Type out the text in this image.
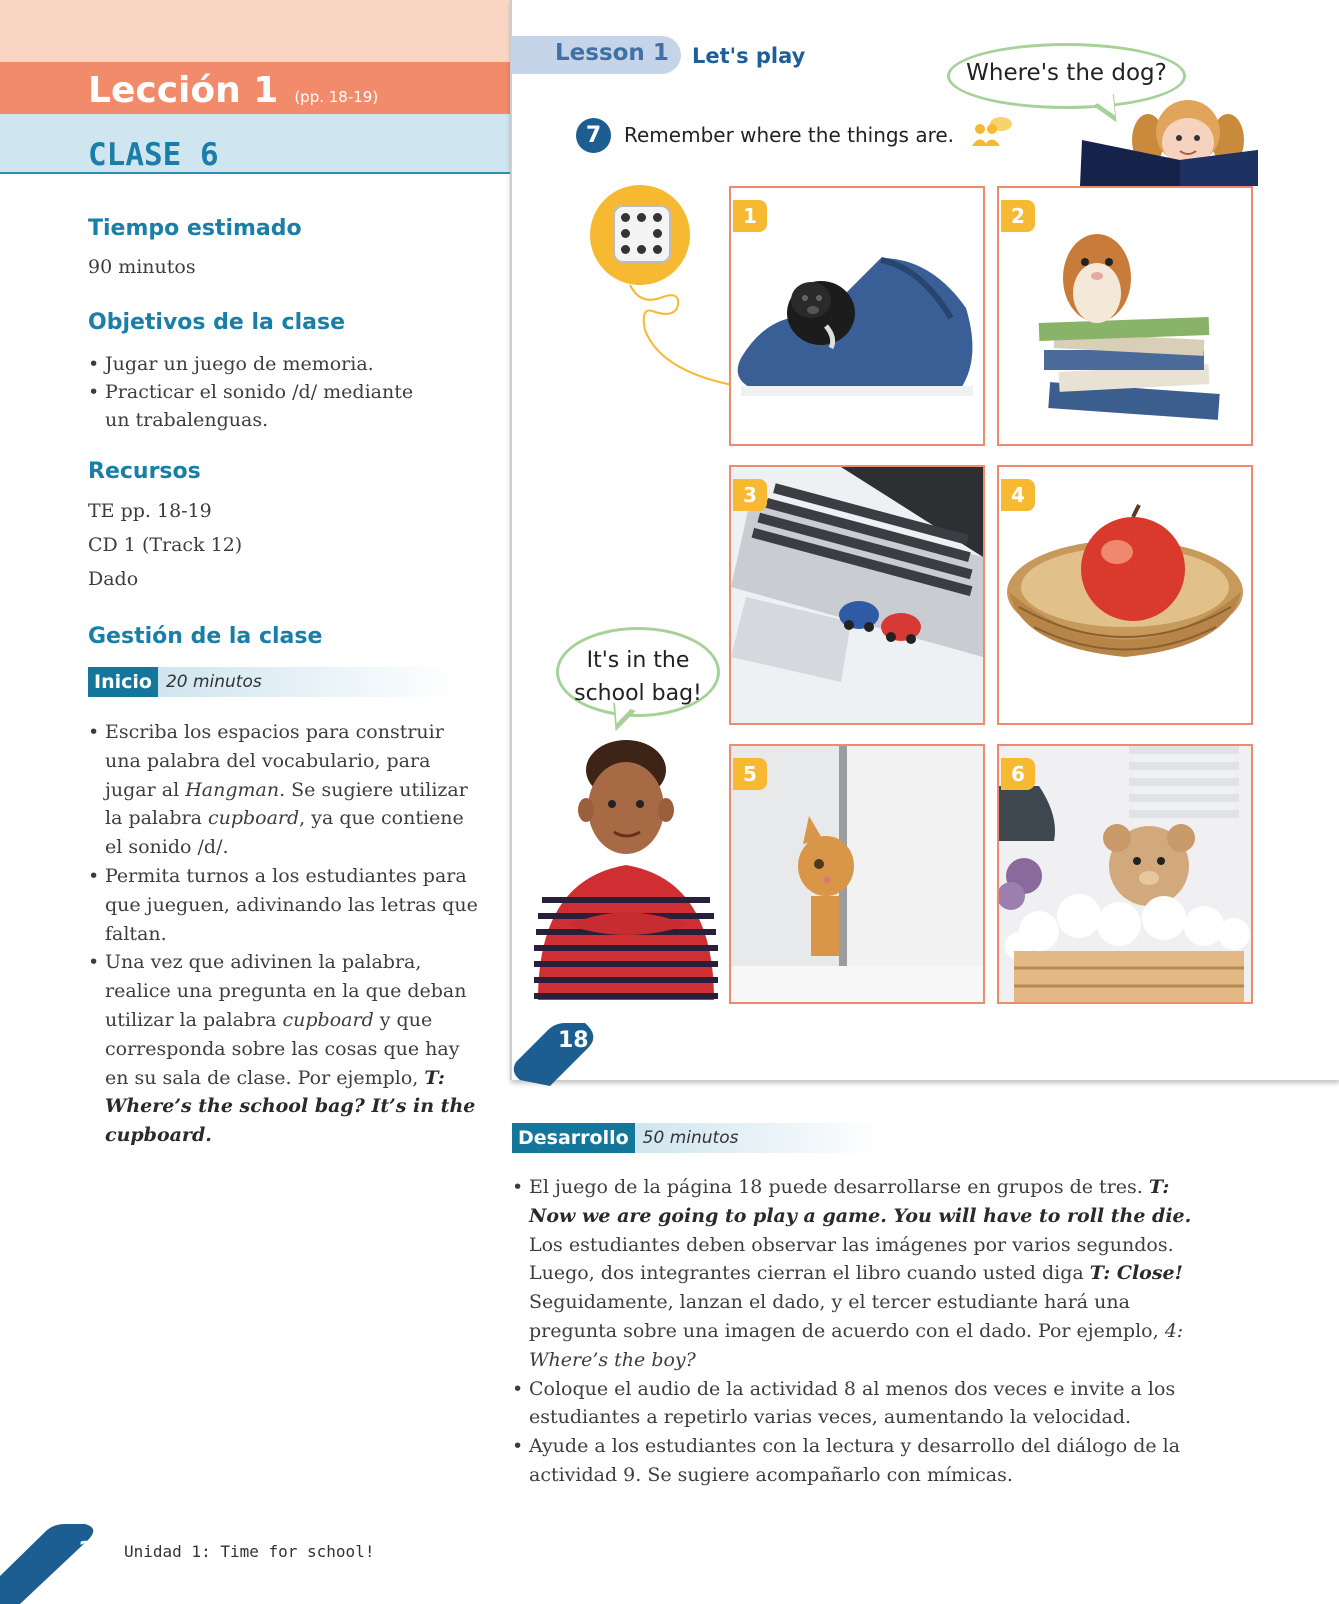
Lección 1 (pp. 18-19)
CLASE 6
Tiempo estimado
90 minutos
Objetivos de la clase
• Jugar un juego de memoria.
• Practicar el sonido /d/ mediante un trabalenguas.
Recursos
TE pp. 18-19
CD 1 (Track 12)
Dado
Gestión de la clase
Inicio 20 minutos
• Escriba los espacios para construir una palabra del vocabulario, para jugar al Hangman. Se sugiere utilizar la palabra cupboard, ya que contiene el sonido /d/.
• Permita turnos a los estudiantes para que jueguen, adivinando las letras que faltan.
• Una vez que adivinen la palabra, realice una pregunta en la que deban utilizar la palabra cupboard y que corresponda sobre las cosas que hay en su sala de clase. Por ejemplo, T: Where’s the school bag? It’s in the cupboard.
Lesson 1 Let's play
7	Remember where the things are.
Where's the dog?
1	2
3	4
5	6
It's in the
school bag!
18
Desarrollo 50 minutos
• El juego de la página 18 puede desarrollarse en grupos de tres. T: Now we are going to play a game. You will have to roll the die. Los estudiantes deben observar las imágenes por varios segundos. Luego, dos integrantes cierran el libro cuando usted diga T: Close! Seguidamente, lanzan el dado, y el tercer estudiante hará una pregunta sobre una imagen de acuerdo con el dado. Por ejemplo, 4: Where’s the boy?
• Coloque el audio de la actividad 8 al menos dos veces e invite a los estudiantes a repetirlo varias veces, aumentando la velocidad.
• Ayude a los estudiantes con la lectura y desarrollo del diálogo de la actividad 9. Se sugiere acompañarlo con mímicas.
24 Unidad 1: Time for school!
